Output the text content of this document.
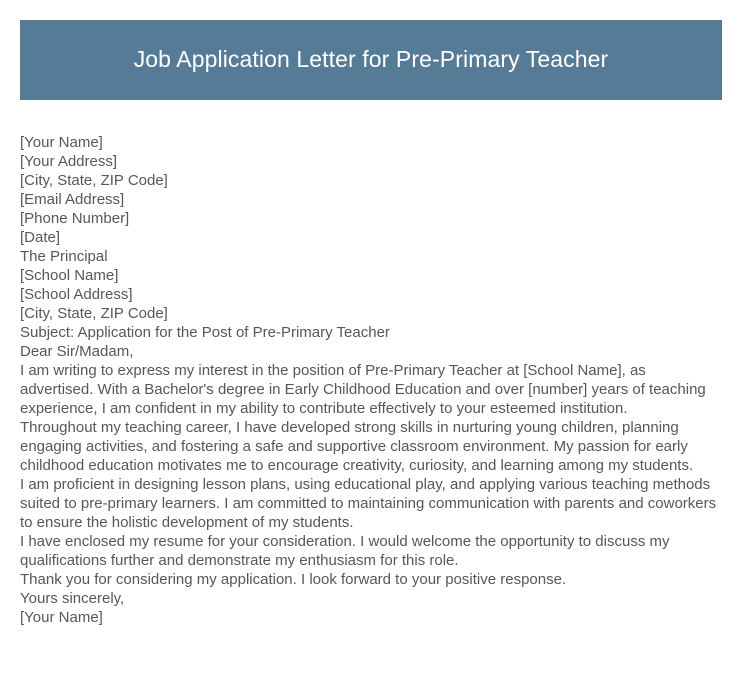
Job Application Letter for Pre-Primary Teacher

[Your Name]

[Your Address]

[City, State, ZIP Code]

[Email Address]

[Phone Number]

[Date]

The Principal

[School Name]

[School Address]

[City, State, ZIP Code]

Subject: Application for the Post of Pre-Primary Teacher

Dear Sir/Madam,

I am writing to express my interest in the position of Pre-Primary Teacher at [School Name], as advertised. With a Bachelor's degree in Early Childhood Education and over [number] years of teaching experience, I am confident in my ability to contribute effectively to your esteemed institution.

Throughout my teaching career, I have developed strong skills in nurturing young children, planning engaging activities, and fostering a safe and supportive classroom environment. My passion for early childhood education motivates me to encourage creativity, curiosity, and learning among my students.

I am proficient in designing lesson plans, using educational play, and applying various teaching methods suited to pre-primary learners. I am committed to maintaining communication with parents and coworkers to ensure the holistic development of my students.

I have enclosed my resume for your consideration. I would welcome the opportunity to discuss my qualifications further and demonstrate my enthusiasm for this role.

Thank you for considering my application. I look forward to your positive response.

Yours sincerely,

[Your Name]
